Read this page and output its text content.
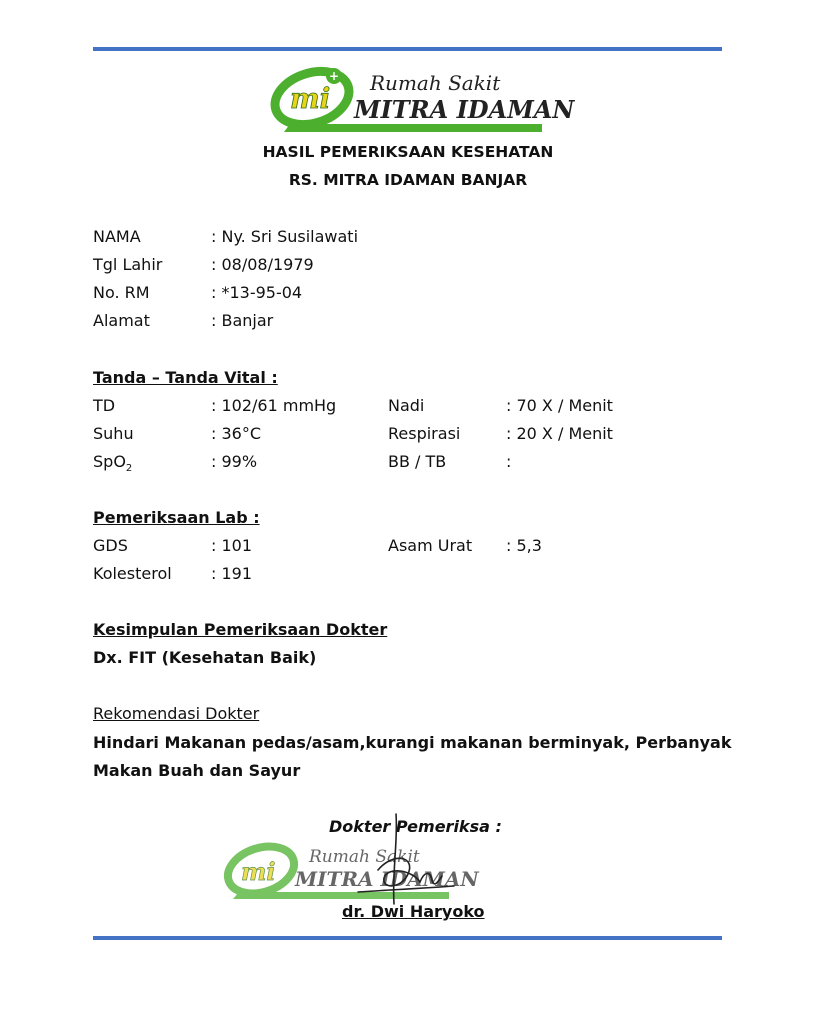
+
mi Rumah Sakit
MITRA IDAMAN
HASIL PEMERIKSAAN KESEHATAN
RS. MITRA IDAMAN BANJAR
NAMA	: Ny. Sri Susilawati
Tgl Lahir	: 08/08/1979
No. RM	: *13-95-04
Alamat	: Banjar
Tanda – Tanda Vital :
TD	: 102/61 mmHg	Nadi	: 70 X / Menit
Suhu	: 36°C	Respirasi	: 20 X / Menit
SpO$_2$	: 99%	BB / TB	:
Pemeriksaan Lab :
GDS	: 101	Asam Urat : 5,3
Kolesterol : 191
Kesimpulan Pemeriksaan Dokter
Dx. FIT (Kesehatan Baik)
Rekomendasi Dokter
Hindari Makanan pedas/asam,kurangi makanan berminyak, Perbanyak
Makan Buah dan Sayur
Dokter Pemeriksa :
mi Rumah Sakit
MITRA IDAMAN
dr. Dwi Haryoko
